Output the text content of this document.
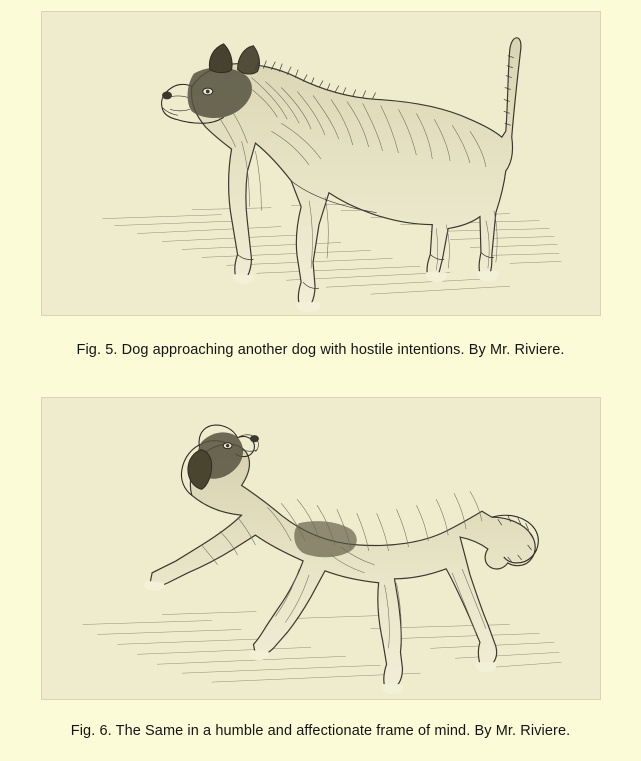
Fig. 5. Dog approaching another dog with hostile intentions. By Mr. Riviere.
Fig. 6. The Same in a humble and affectionate frame of mind. By Mr. Riviere.
